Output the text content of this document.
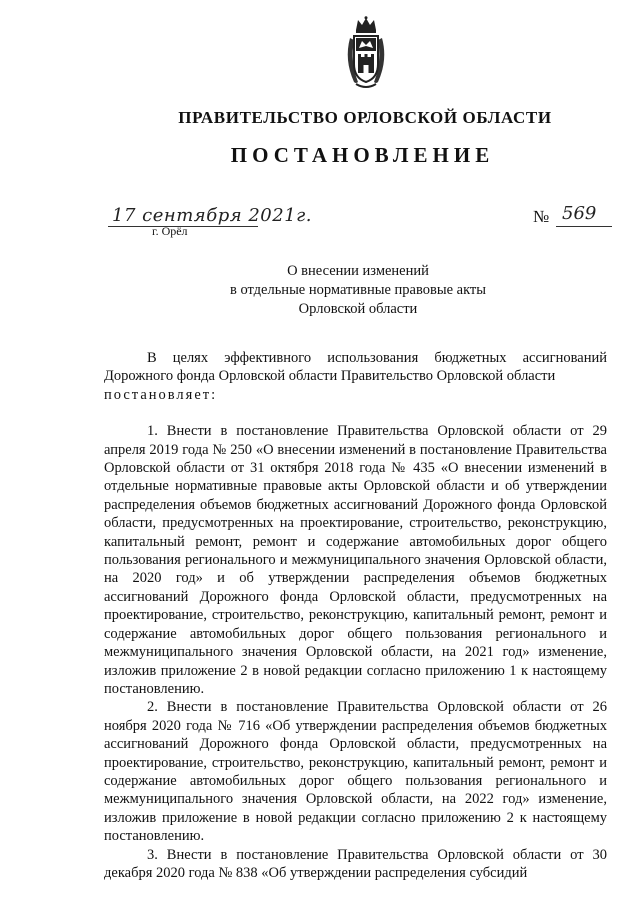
ПРАВИТЕЛЬСТВО ОРЛОВСКОЙ ОБЛАСТИ
ПОСТАНОВЛЕНИЕ
17 сентября 2021г.
г. Орёл
№ 569
О внесении изменений
в отдельные нормативные правовые акты
Орловской области

В целях эффективного использования бюджетных ассигнований Дорожного фонда Орловской области Правительство Орловской области

постановляет:

1. Внести в постановление Правительства Орловской области от 29 апреля 2019 года № 250 «О внесении изменений в постановление Правительства Орловской области от 31 октября 2018 года № 435 «О внесении изменений в отдельные нормативные правовые акты Орловской области и об утверждении распределения объемов бюджетных ассигнований Дорожного фонда Орловской области, предусмотренных на проектирование, строительство, реконструкцию, капитальный ремонт, ремонт и содержание автомобильных дорог общего пользования регионального и межмуниципального значения Орловской области, на 2020 год» и об утверждении распределения объемов бюджетных ассигнований Дорожного фонда Орловской области, предусмотренных на проектирование, строительство, реконструкцию, капитальный ремонт, ремонт и содержание автомобильных дорог общего пользования регионального и межмуниципального значения Орловской области, на 2021 год» изменение, изложив приложение 2 в новой редакции согласно приложению 1 к настоящему постановлению.

2. Внести в постановление Правительства Орловской области от 26 ноября 2020 года № 716 «Об утверждении распределения объемов бюджетных ассигнований Дорожного фонда Орловской области, предусмотренных на проектирование, строительство, реконструкцию, капитальный ремонт, ремонт и содержание автомобильных дорог общего пользования регионального и межмуниципального значения Орловской области, на 2022 год» изменение, изложив приложение в новой редакции согласно приложению 2 к настоящему постановлению.

3. Внести в постановление Правительства Орловской области от 30 декабря 2020 года № 838 «Об утверждении распределения субсидий
